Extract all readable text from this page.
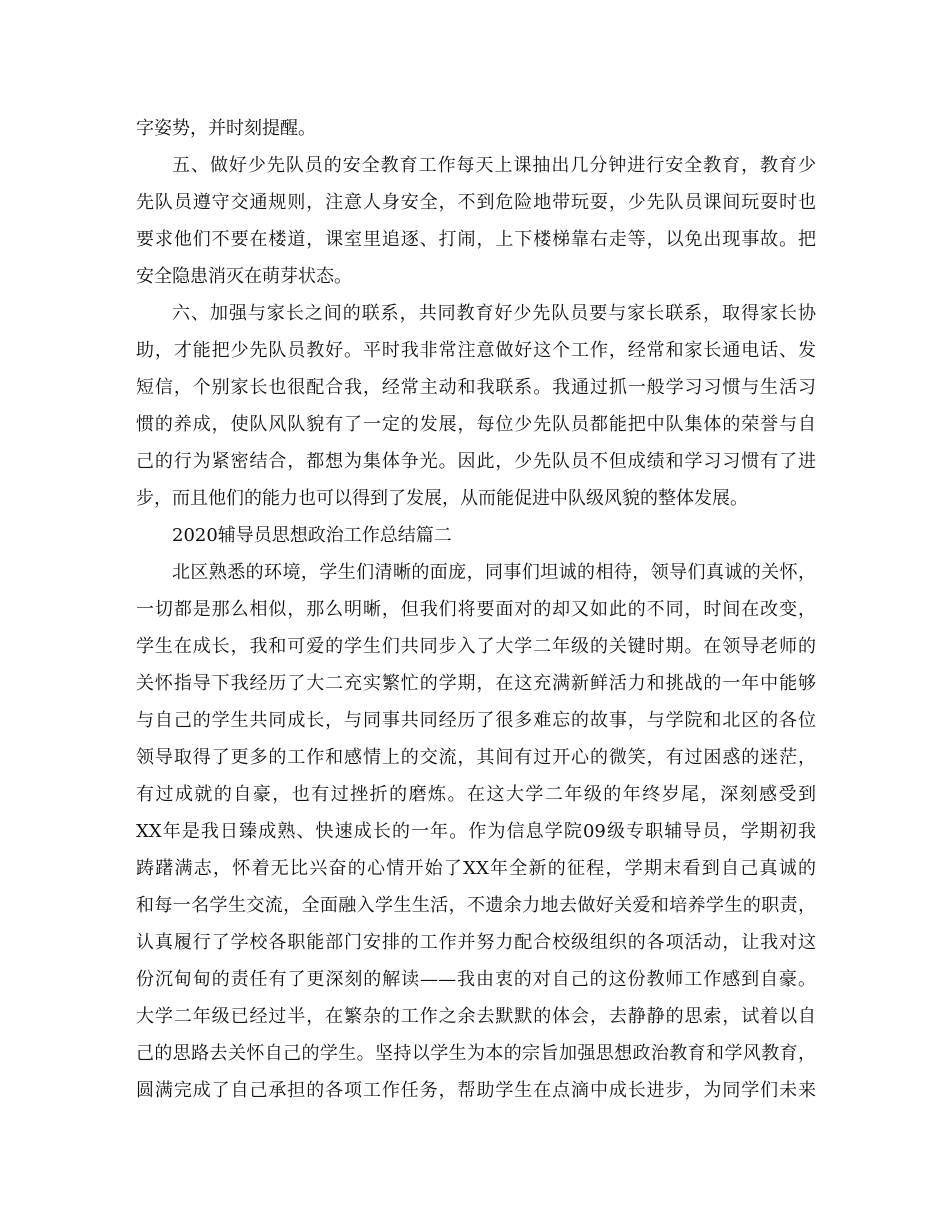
字姿势，并时刻提醒。
五、做好少先队员的安全教育工作每天上课抽出几分钟进行安全教育，教育少
先队员遵守交通规则，注意人身安全，不到危险地带玩耍，少先队员课间玩耍时也
要求他们不要在楼道，课室里追逐、打闹，上下楼梯靠右走等，以免出现事故。把
安全隐患消灭在萌芽状态。
六、加强与家长之间的联系，共同教育好少先队员要与家长联系，取得家长协
助，才能把少先队员教好。平时我非常注意做好这个工作，经常和家长通电话、发
短信，个别家长也很配合我，经常主动和我联系。我通过抓一般学习习惯与生活习
惯的养成，使队风队貌有了一定的发展，每位少先队员都能把中队集体的荣誉与自
己的行为紧密结合，都想为集体争光。因此，少先队员不但成绩和学习习惯有了进
步，而且他们的能力也可以得到了发展，从而能促进中队级风貌的整体发展。
2020辅导员思想政治工作总结篇二
北区熟悉的环境，学生们清晰的面庞，同事们坦诚的相待，领导们真诚的关怀，
一切都是那么相似，那么明晰，但我们将要面对的却又如此的不同，时间在改变，
学生在成长，我和可爱的学生们共同步入了大学二年级的关键时期。在领导老师的
关怀指导下我经历了大二充实繁忙的学期，在这充满新鲜活力和挑战的一年中能够
与自己的学生共同成长，与同事共同经历了很多难忘的故事，与学院和北区的各位
领导取得了更多的工作和感情上的交流，其间有过开心的微笑，有过困惑的迷茫，
有过成就的自豪，也有过挫折的磨炼。在这大学二年级的年终岁尾，深刻感受到
XX年是我日臻成熟、快速成长的一年。作为信息学院09级专职辅导员，学期初我
踌躇满志，怀着无比兴奋的心情开始了XX年全新的征程，学期末看到自己真诚的
和每一名学生交流，全面融入学生生活，不遗余力地去做好关爱和培养学生的职责，
认真履行了学校各职能部门安排的工作并努力配合校级组织的各项活动，让我对这
份沉甸甸的责任有了更深刻的解读——我由衷的对自己的这份教师工作感到自豪。
大学二年级已经过半，在繁杂的工作之余去默默的体会，去静静的思索，试着以自
己的思路去关怀自己的学生。坚持以学生为本的宗旨加强思想政治教育和学风教育，
圆满完成了自己承担的各项工作任务，帮助学生在点滴中成长进步，为同学们未来
